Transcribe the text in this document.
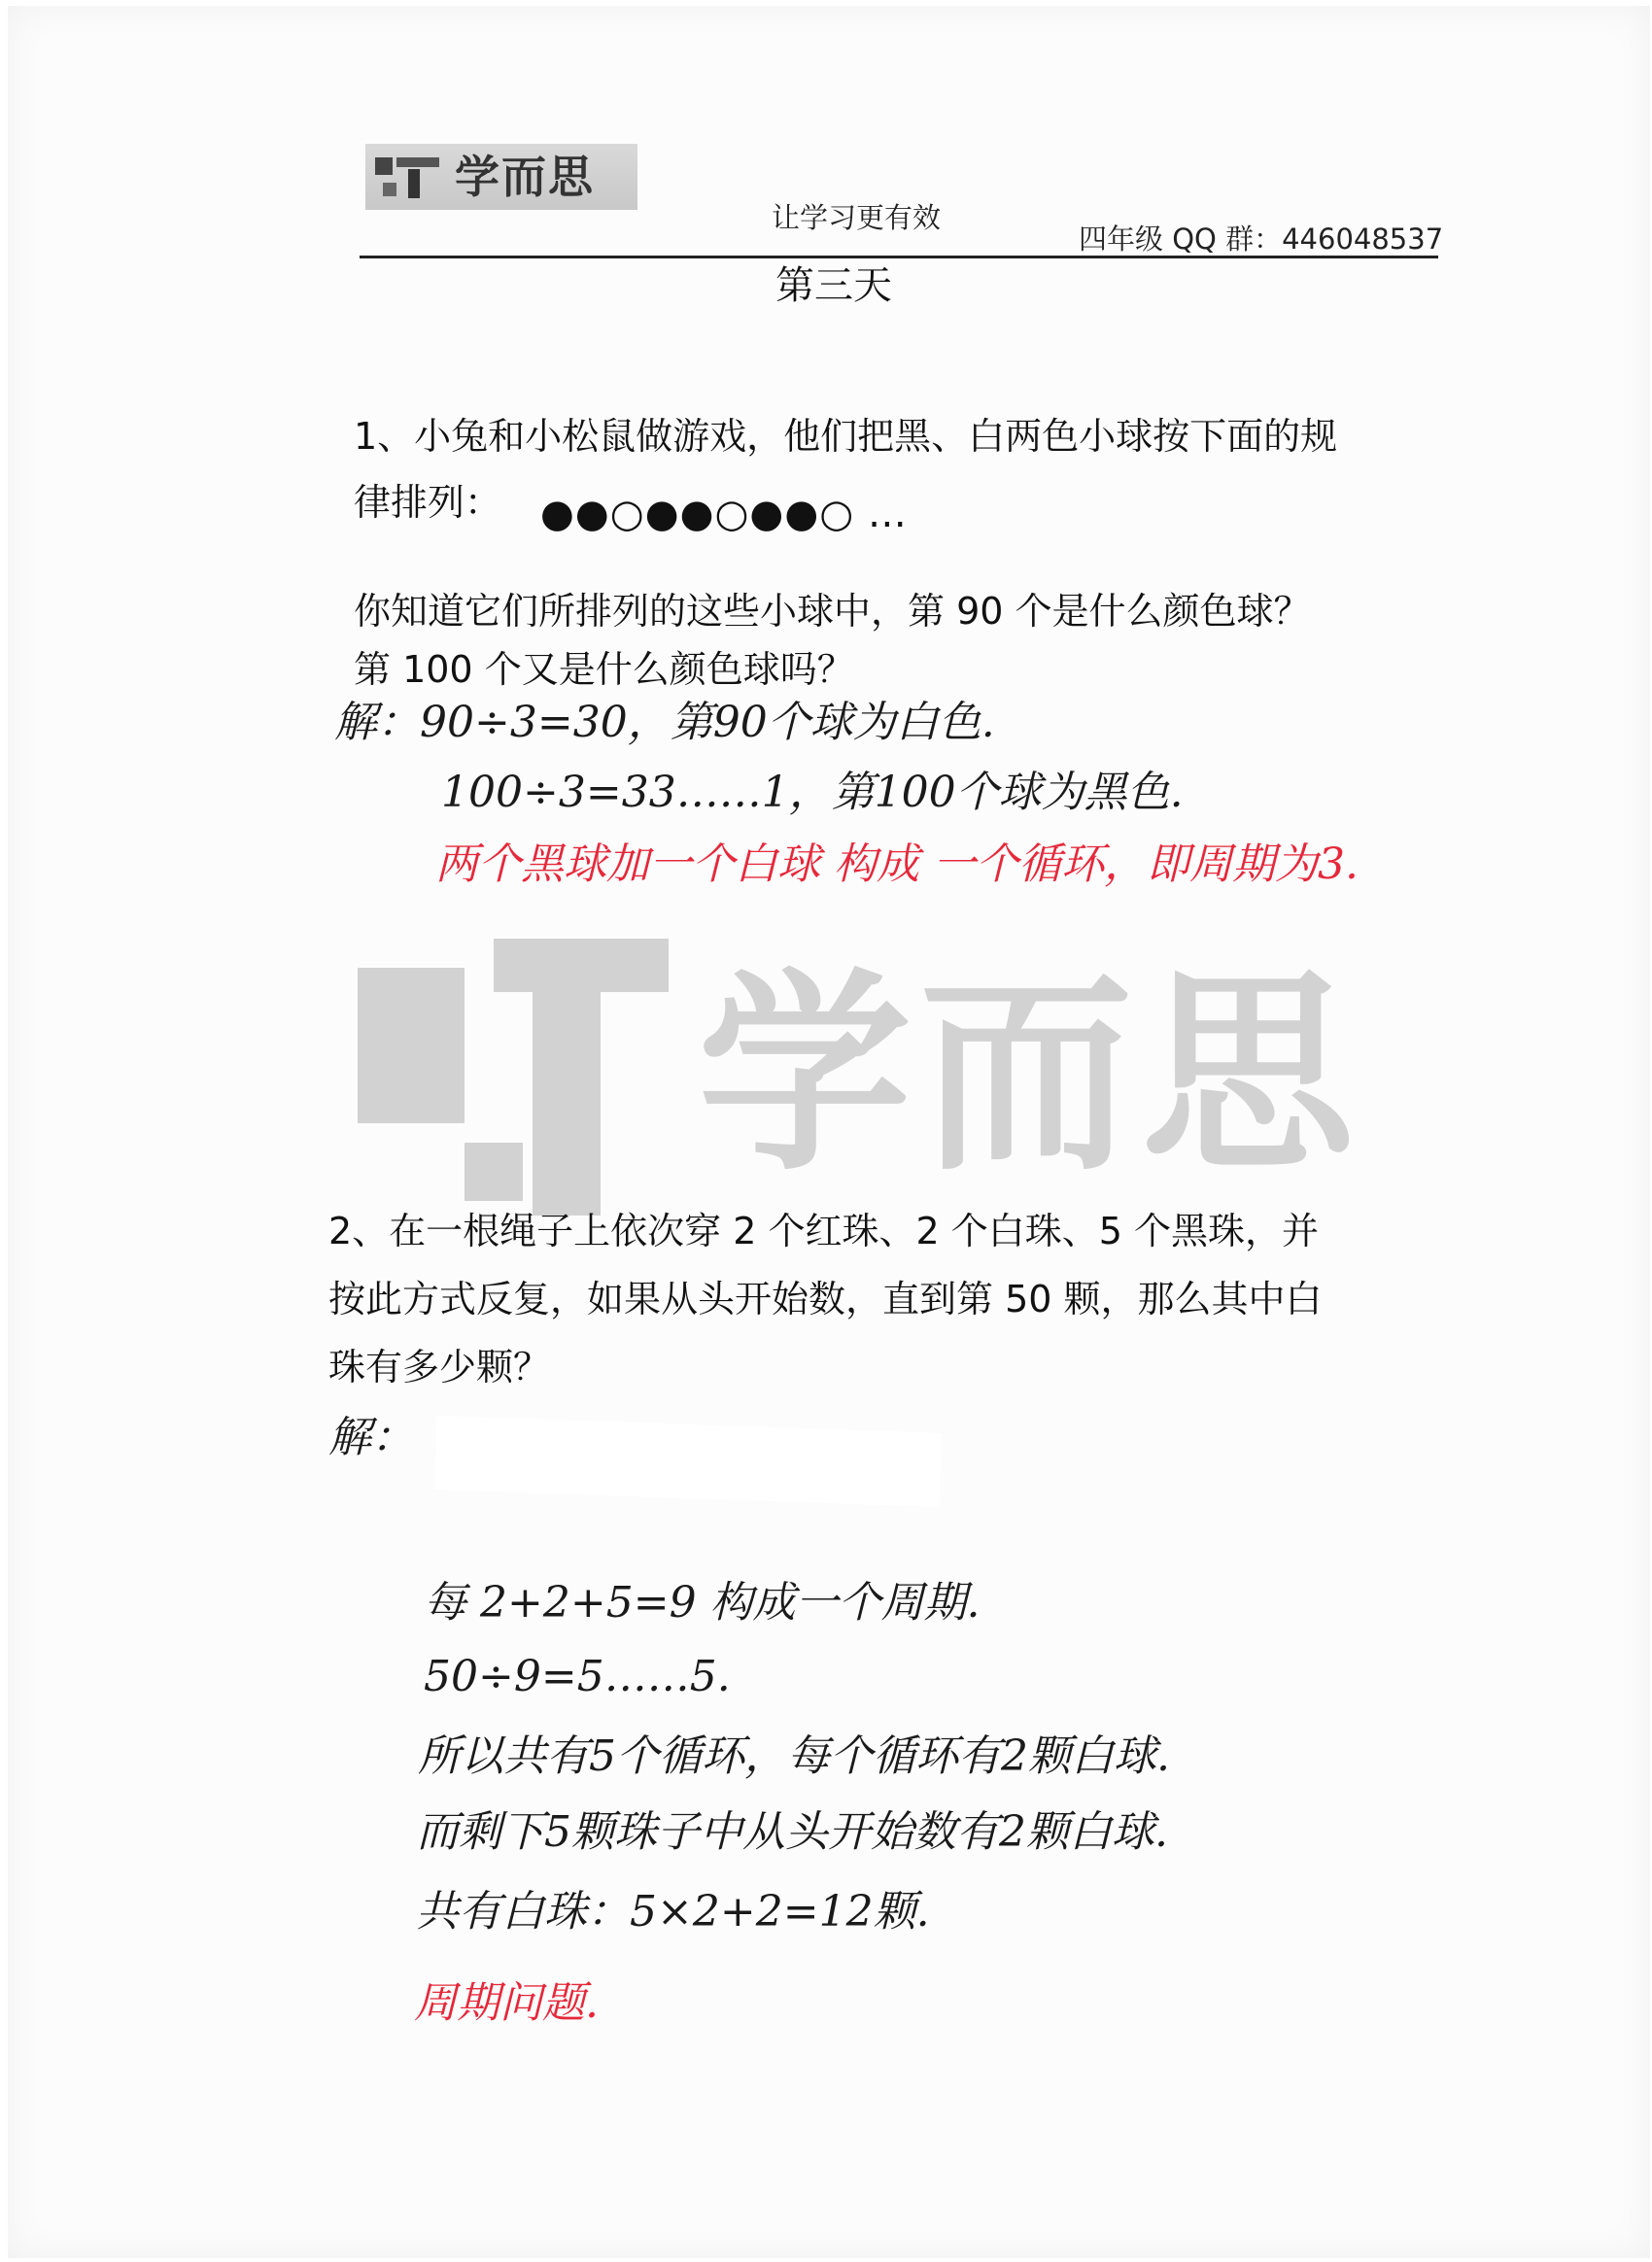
学而思
让学习更有效
四年级 QQ 群：446048537
第三天
学而思
1、小兔和小松鼠做游戏，他们把黑、白两色小球按下面的规
律排列： ●●○●●○●●○ …
你知道它们所排列的这些小球中，第 90 个是什么颜色球？
第 100 个又是什么颜色球吗？
解：90÷3=30，第90个球为白色.
100÷3=33……1，第100个球为黑色.
两个黑球加一个白球 构成 一个循环，即周期为3.
2、在一根绳子上依次穿 2 个红珠、2 个白珠、5 个黑珠，并
按此方式反复，如果从头开始数，直到第 50 颗，那么其中白
珠有多少颗？
解：
每 2+2+5=9 构成一个周期.
50÷9=5……5.
所以共有5个循环，每个循环有2颗白球.
而剩下5颗珠子中从头开始数有2颗白球.
共有白珠：5×2+2=12颗.
周期问题.
